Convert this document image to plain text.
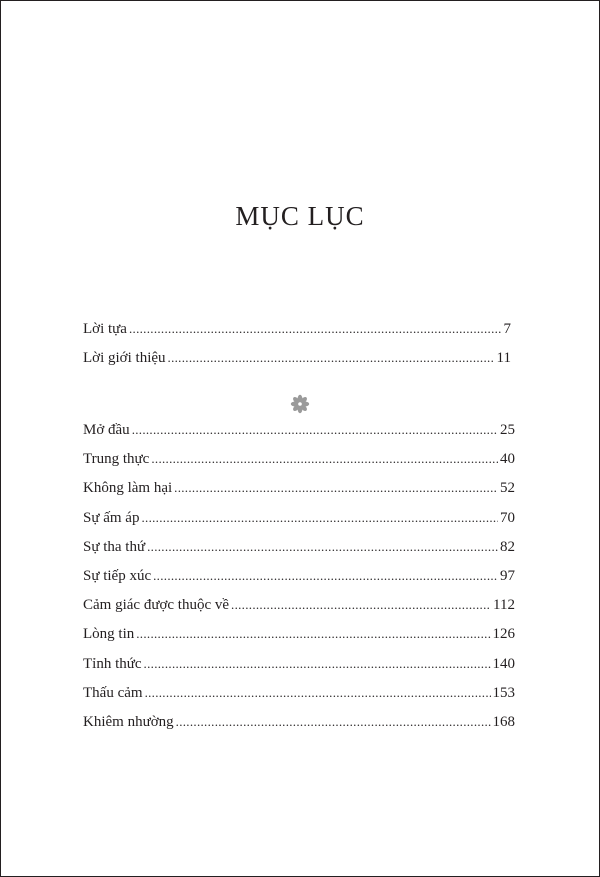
MỤC LỤC
Lời tựa .....	7
Lời giới thiệu .....	11
Mở đầu .....	25
Trung thực .....	40
Không làm hại .....	52
Sự ấm áp .....	70
Sự tha thứ .....	82
Sự tiếp xúc .....	97
Cảm giác được thuộc về .....	112
Lòng tin .....	126
Tỉnh thức .....	140
Thấu cảm .....	153
Khiêm nhường .....	168
